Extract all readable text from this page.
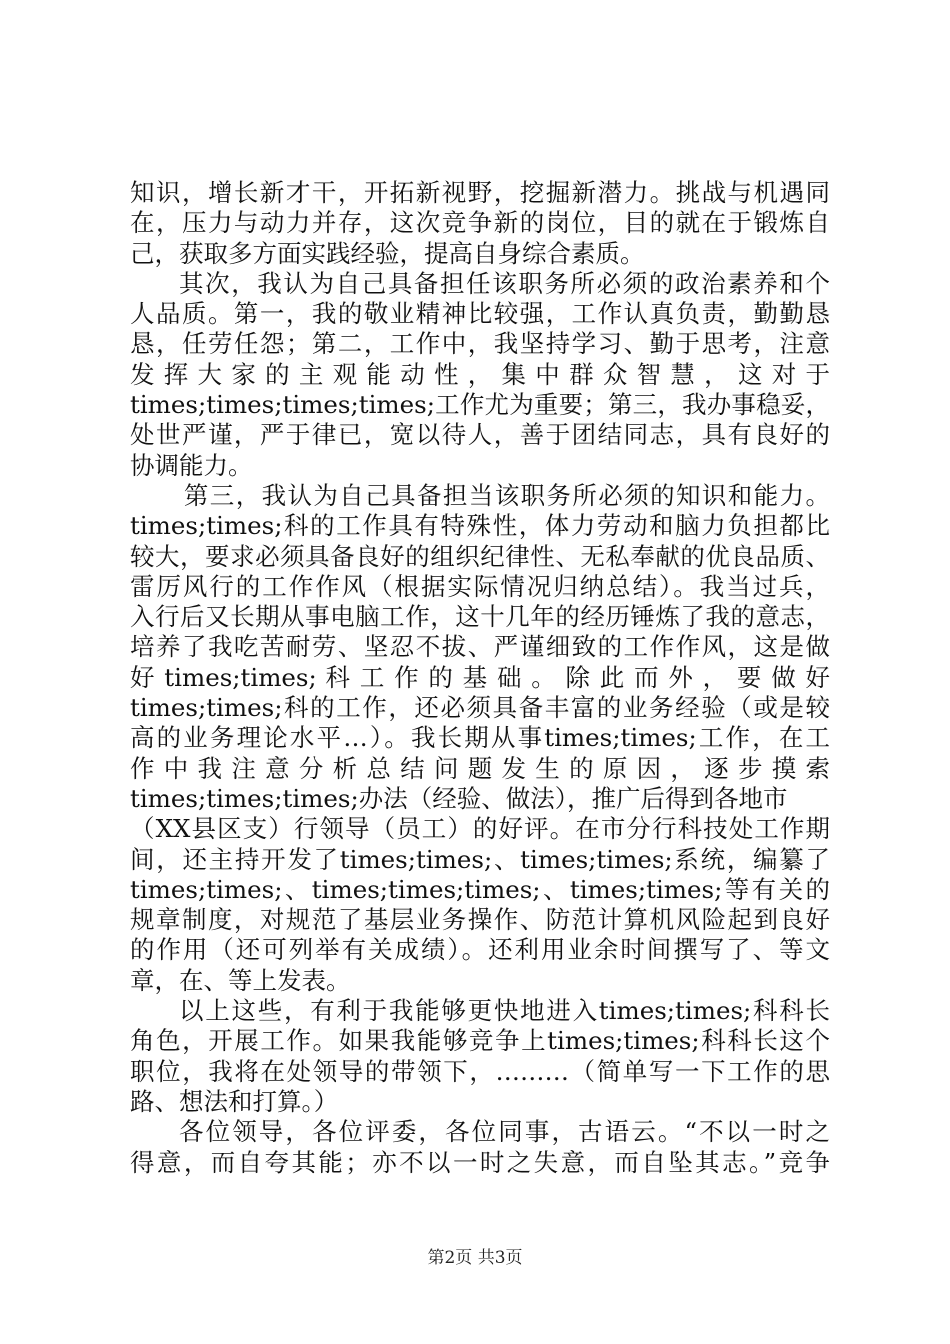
知识，增长新才干，开拓新视野，挖掘新潜力。挑战与机遇同
在，压力与动力并存，这次竞争新的岗位，目的就在于锻炼自
己，获取多方面实践经验，提高自身综合素质。
其次，我认为自己具备担任该职务所必须的政治素养和个
人品质。第一，我的敬业精神比较强，工作认真负责，勤勤恳
恳，任劳任怨；第二，工作中，我坚持学习、勤于思考，注意
发 挥 大 家 的 主 观 能 动 性 ， 集 中 群 众 智 慧 ， 这 对 于
times;times;times;times;工作尤为重要；第三，我办事稳妥，
处世严谨，严于律已，宽以待人，善于团结同志，具有良好的
协调能力。
第三，我认为自己具备担当该职务所必须的知识和能力。
times;times;科的工作具有特殊性，体力劳动和脑力负担都比
较大，要求必须具备良好的组织纪律性、无私奉献的优良品质、
雷厉风行的工作作风（根据实际情况归纳总结）。我当过兵，
入行后又长期从事电脑工作，这十几年的经历锤炼了我的意志，
培养了我吃苦耐劳、坚忍不拔、严谨细致的工作作风，这是做
好 times;times; 科 工 作 的 基 础 。 除 此 而 外 ， 要 做 好
times;times;科的工作，还必须具备丰富的业务经验（或是较
高的业务理论水平…）。我长期从事times;times;工作，在工
作 中 我 注 意 分 析 总 结 问 题 发 生 的 原 因 ， 逐 步 摸 索
times;times;times;办法（经验、做法），推广后得到各地市
（XX县区支）行领导（员工）的好评。在市分行科技处工作期
间，还主持开发了times;times;、times;times;系统，编纂了
times;times;、times;times;times;、times;times;等有关的
规章制度，对规范了基层业务操作、防范计算机风险起到良好
的作用（还可列举有关成绩）。还利用业余时间撰写了、等文
章，在、等上发表。
以上这些，有利于我能够更快地进入times;times;科科长
角色，开展工作。如果我能够竞争上times;times;科科长这个
职位，我将在处领导的带领下，………（简单写一下工作的思
路、想法和打算。）
各位领导，各位评委，各位同事，古语云。“不以一时之
得意，而自夸其能；亦不以一时之失意，而自坠其志。”竞争
第2页 共3页
